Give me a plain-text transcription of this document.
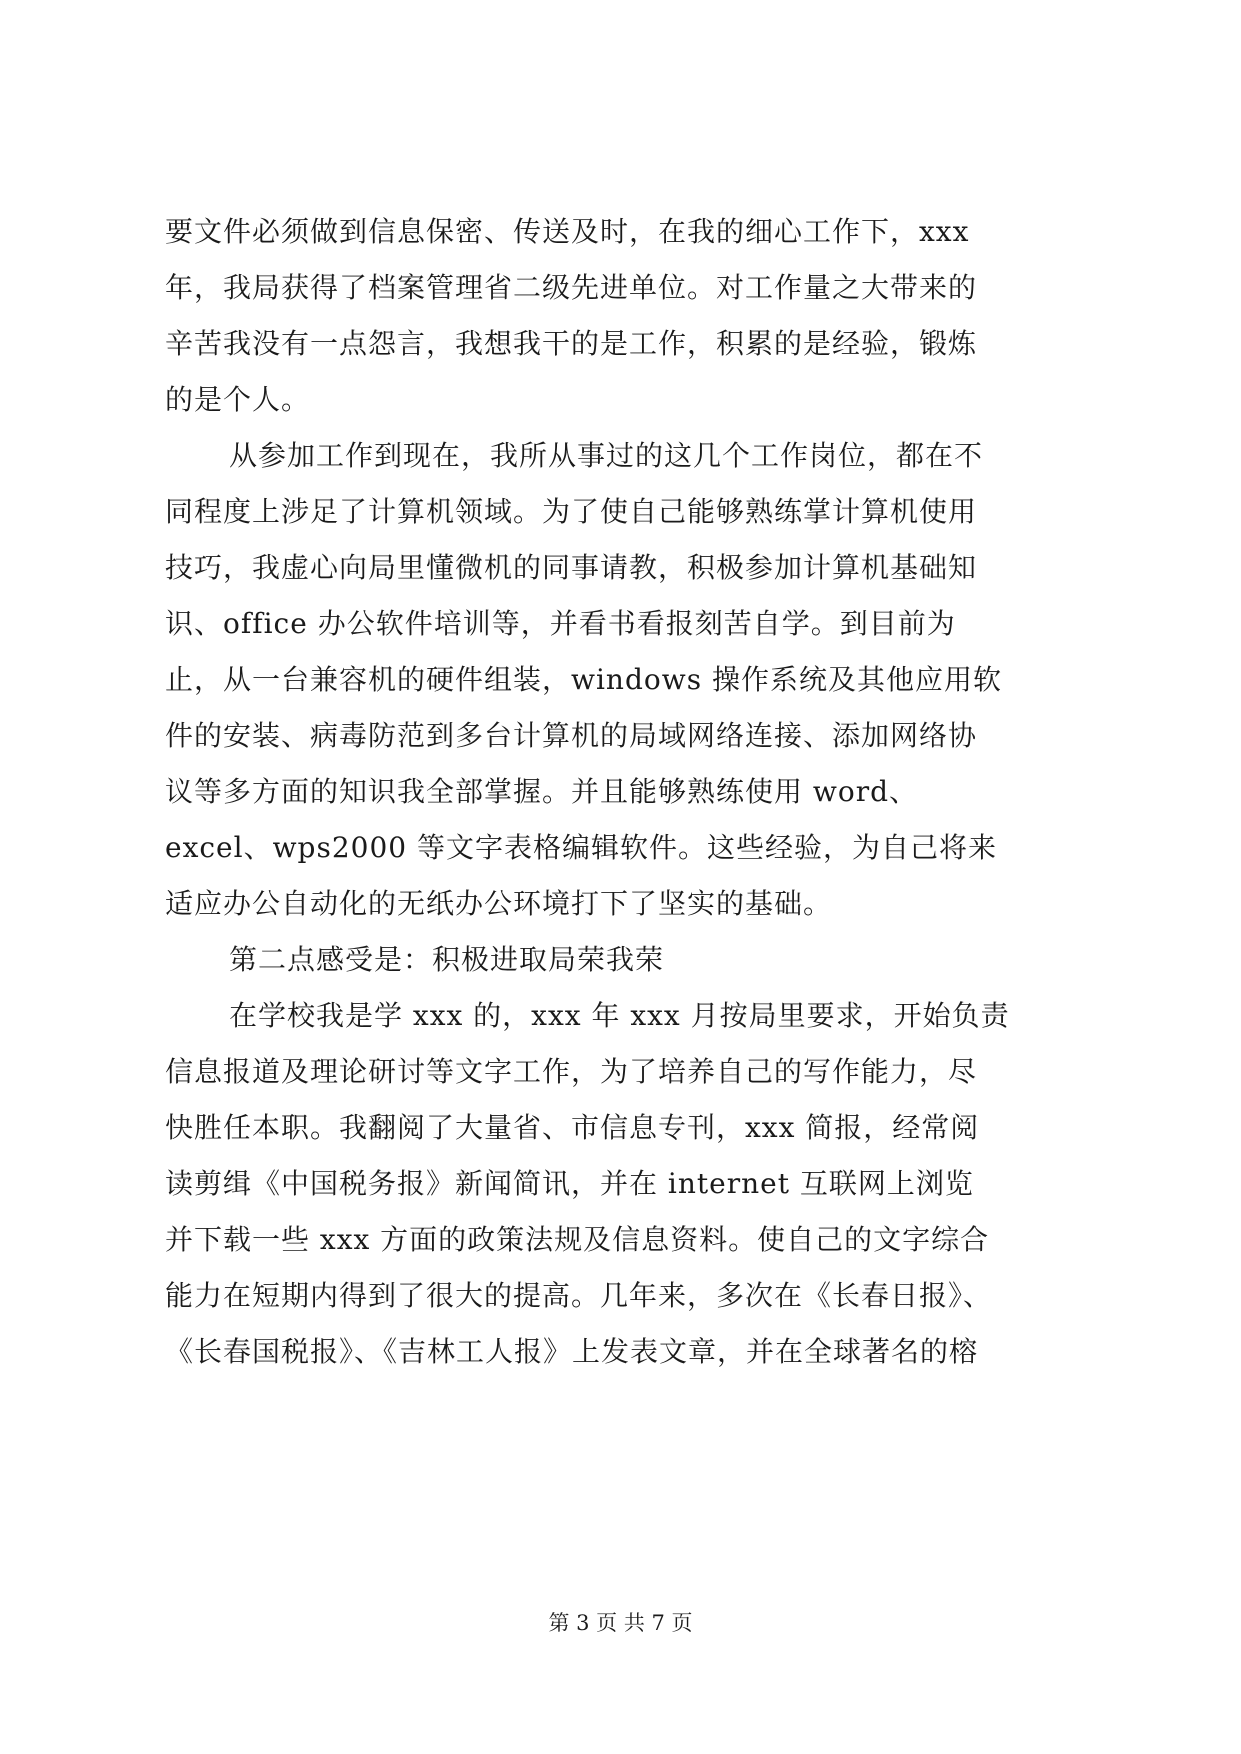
要文件必须做到信息保密、传送及时，在我的细心工作下，xxx
年，我局获得了档案管理省二级先进单位。对工作量之大带来的
辛苦我没有一点怨言，我想我干的是工作，积累的是经验，锻炼
的是个人。
从参加工作到现在，我所从事过的这几个工作岗位，都在不
同程度上涉足了计算机领域。为了使自己能够熟练掌计算机使用
技巧，我虚心向局里懂微机的同事请教，积极参加计算机基础知
识、office 办公软件培训等，并看书看报刻苦自学。到目前为
止，从一台兼容机的硬件组装，windows 操作系统及其他应用软
件的安装、病毒防范到多台计算机的局域网络连接、添加网络协
议等多方面的知识我全部掌握。并且能够熟练使用 word、
excel、wps2000 等文字表格编辑软件。这些经验，为自己将来
适应办公自动化的无纸办公环境打下了坚实的基础。
第二点感受是：积极进取局荣我荣
在学校我是学 xxx 的，xxx 年 xxx 月按局里要求，开始负责
信息报道及理论研讨等文字工作，为了培养自己的写作能力，尽
快胜任本职。我翻阅了大量省、市信息专刊，xxx 简报，经常阅
读剪缉《中国税务报》新闻简讯，并在 internet 互联网上浏览
并下载一些 xxx 方面的政策法规及信息资料。使自己的文字综合
能力在短期内得到了很大的提高。几年来，多次在《长春日报》、
《长春国税报》、《吉林工人报》上发表文章，并在全球著名的榕
第 3 页 共 7 页
